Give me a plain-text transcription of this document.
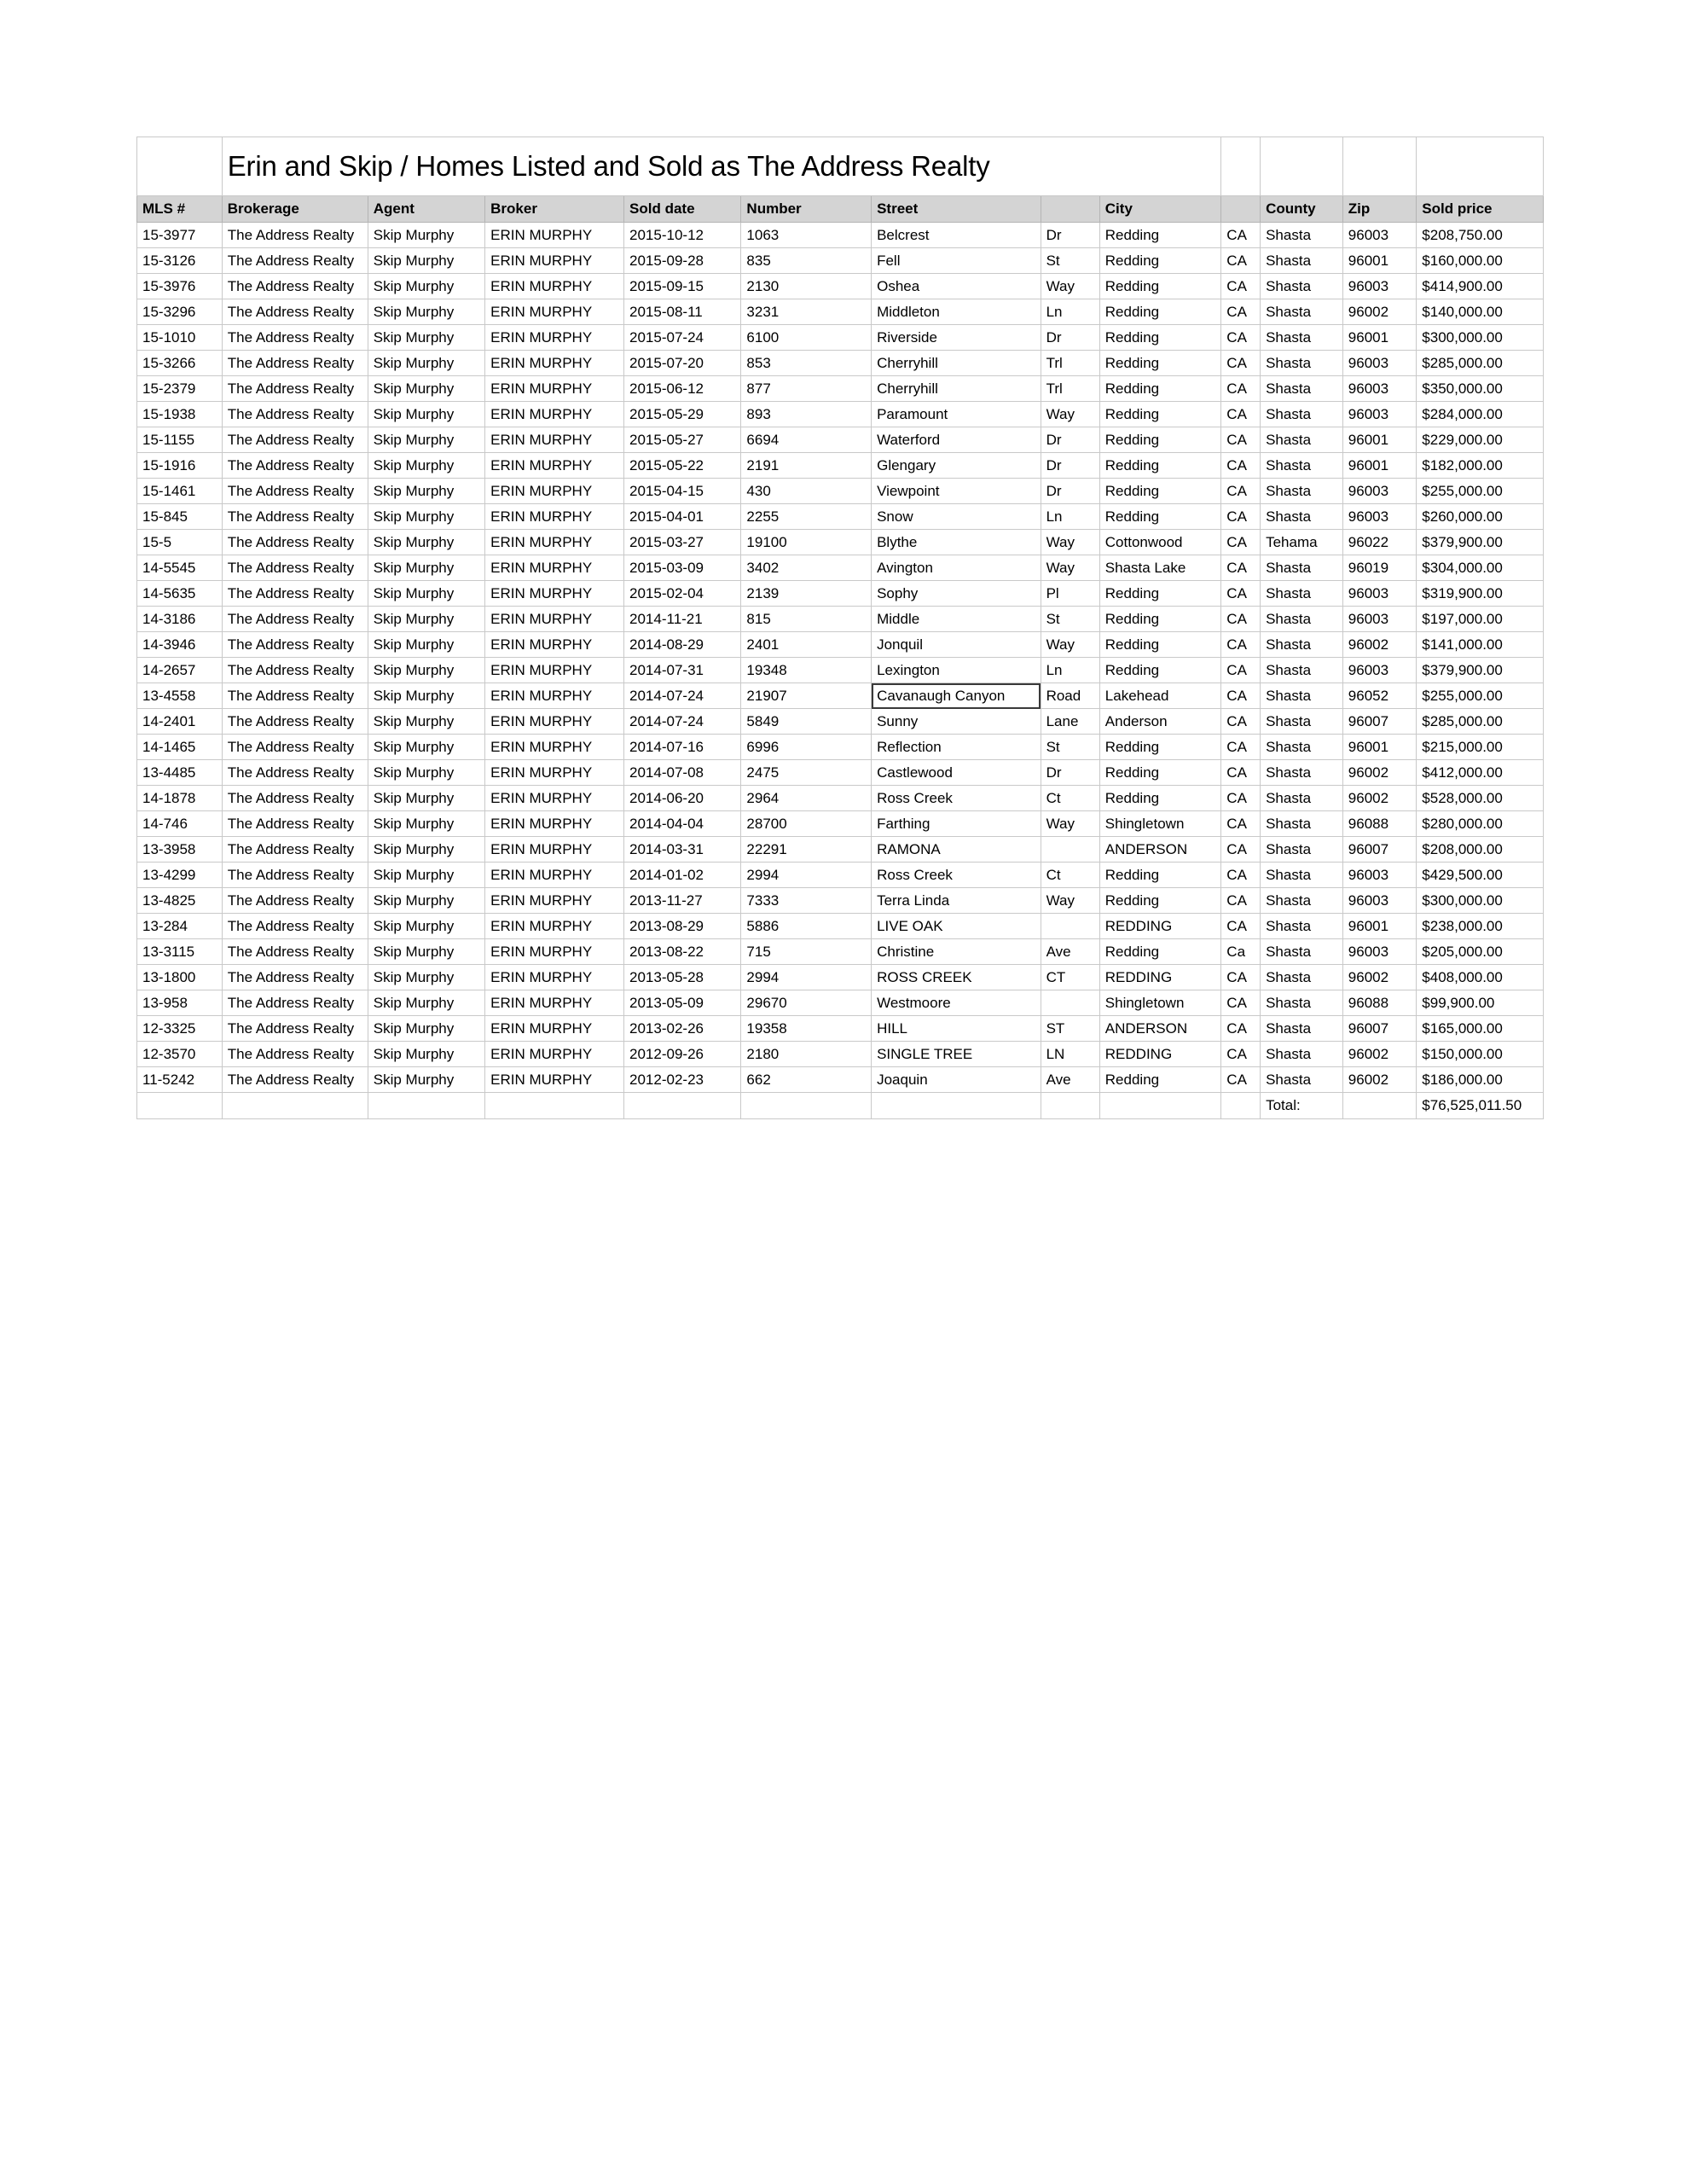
	Erin and Skip / Homes Listed and Sold as The Address Realty											
MLS #	Brokerage	Agent	Broker	Sold date	Number	Street		City		County	Zip	Sold price
15-3977	The Address Realty	Skip Murphy	ERIN MURPHY	2015-10-12	1063	Belcrest	Dr	Redding	CA	Shasta	96003	$208,750.00
15-3126	The Address Realty	Skip Murphy	ERIN MURPHY	2015-09-28	835	Fell	St	Redding	CA	Shasta	96001	$160,000.00
15-3976	The Address Realty	Skip Murphy	ERIN MURPHY	2015-09-15	2130	Oshea	Way	Redding	CA	Shasta	96003	$414,900.00
15-3296	The Address Realty	Skip Murphy	ERIN MURPHY	2015-08-11	3231	Middleton	Ln	Redding	CA	Shasta	96002	$140,000.00
15-1010	The Address Realty	Skip Murphy	ERIN MURPHY	2015-07-24	6100	Riverside	Dr	Redding	CA	Shasta	96001	$300,000.00
15-3266	The Address Realty	Skip Murphy	ERIN MURPHY	2015-07-20	853	Cherryhill	Trl	Redding	CA	Shasta	96003	$285,000.00
15-2379	The Address Realty	Skip Murphy	ERIN MURPHY	2015-06-12	877	Cherryhill	Trl	Redding	CA	Shasta	96003	$350,000.00
15-1938	The Address Realty	Skip Murphy	ERIN MURPHY	2015-05-29	893	Paramount	Way	Redding	CA	Shasta	96003	$284,000.00
15-1155	The Address Realty	Skip Murphy	ERIN MURPHY	2015-05-27	6694	Waterford	Dr	Redding	CA	Shasta	96001	$229,000.00
15-1916	The Address Realty	Skip Murphy	ERIN MURPHY	2015-05-22	2191	Glengary	Dr	Redding	CA	Shasta	96001	$182,000.00
15-1461	The Address Realty	Skip Murphy	ERIN MURPHY	2015-04-15	430	Viewpoint	Dr	Redding	CA	Shasta	96003	$255,000.00
15-845	The Address Realty	Skip Murphy	ERIN MURPHY	2015-04-01	2255	Snow	Ln	Redding	CA	Shasta	96003	$260,000.00
15-5	The Address Realty	Skip Murphy	ERIN MURPHY	2015-03-27	19100	Blythe	Way	Cottonwood	CA	Tehama	96022	$379,900.00
14-5545	The Address Realty	Skip Murphy	ERIN MURPHY	2015-03-09	3402	Avington	Way	Shasta Lake	CA	Shasta	96019	$304,000.00
14-5635	The Address Realty	Skip Murphy	ERIN MURPHY	2015-02-04	2139	Sophy	Pl	Redding	CA	Shasta	96003	$319,900.00
14-3186	The Address Realty	Skip Murphy	ERIN MURPHY	2014-11-21	815	Middle	St	Redding	CA	Shasta	96003	$197,000.00
14-3946	The Address Realty	Skip Murphy	ERIN MURPHY	2014-08-29	2401	Jonquil	Way	Redding	CA	Shasta	96002	$141,000.00
14-2657	The Address Realty	Skip Murphy	ERIN MURPHY	2014-07-31	19348	Lexington	Ln	Redding	CA	Shasta	96003	$379,900.00
13-4558	The Address Realty	Skip Murphy	ERIN MURPHY	2014-07-24	21907	Cavanaugh Canyon	Road	Lakehead	CA	Shasta	96052	$255,000.00
14-2401	The Address Realty	Skip Murphy	ERIN MURPHY	2014-07-24	5849	Sunny	Lane	Anderson	CA	Shasta	96007	$285,000.00
14-1465	The Address Realty	Skip Murphy	ERIN MURPHY	2014-07-16	6996	Reflection	St	Redding	CA	Shasta	96001	$215,000.00
13-4485	The Address Realty	Skip Murphy	ERIN MURPHY	2014-07-08	2475	Castlewood	Dr	Redding	CA	Shasta	96002	$412,000.00
14-1878	The Address Realty	Skip Murphy	ERIN MURPHY	2014-06-20	2964	Ross Creek	Ct	Redding	CA	Shasta	96002	$528,000.00
14-746	The Address Realty	Skip Murphy	ERIN MURPHY	2014-04-04	28700	Farthing	Way	Shingletown	CA	Shasta	96088	$280,000.00
13-3958	The Address Realty	Skip Murphy	ERIN MURPHY	2014-03-31	22291	RAMONA		ANDERSON	CA	Shasta	96007	$208,000.00
13-4299	The Address Realty	Skip Murphy	ERIN MURPHY	2014-01-02	2994	Ross Creek	Ct	Redding	CA	Shasta	96003	$429,500.00
13-4825	The Address Realty	Skip Murphy	ERIN MURPHY	2013-11-27	7333	Terra Linda	Way	Redding	CA	Shasta	96003	$300,000.00
13-284	The Address Realty	Skip Murphy	ERIN MURPHY	2013-08-29	5886	LIVE OAK		REDDING	CA	Shasta	96001	$238,000.00
13-3115	The Address Realty	Skip Murphy	ERIN MURPHY	2013-08-22	715	Christine	Ave	Redding	Ca	Shasta	96003	$205,000.00
13-1800	The Address Realty	Skip Murphy	ERIN MURPHY	2013-05-28	2994	ROSS CREEK	CT	REDDING	CA	Shasta	96002	$408,000.00
13-958	The Address Realty	Skip Murphy	ERIN MURPHY	2013-05-09	29670	Westmoore		Shingletown	CA	Shasta	96088	$99,900.00
12-3325	The Address Realty	Skip Murphy	ERIN MURPHY	2013-02-26	19358	HILL	ST	ANDERSON	CA	Shasta	96007	$165,000.00
12-3570	The Address Realty	Skip Murphy	ERIN MURPHY	2012-09-26	2180	SINGLE TREE	LN	REDDING	CA	Shasta	96002	$150,000.00
11-5242	The Address Realty	Skip Murphy	ERIN MURPHY	2012-02-23	662	Joaquin	Ave	Redding	CA	Shasta	96002	$186,000.00
										Total:		$76,525,011.50
